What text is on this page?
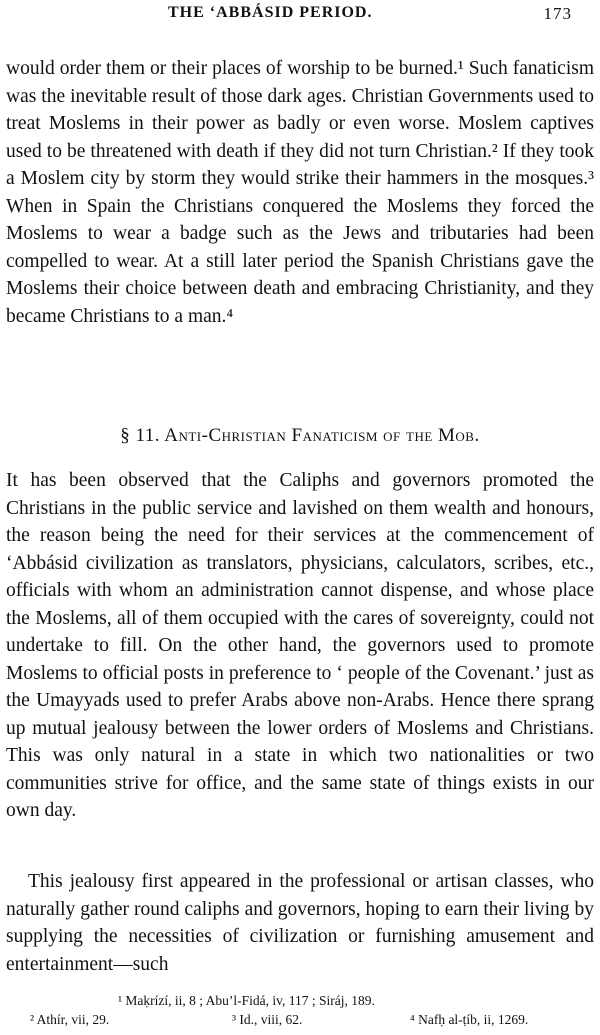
THE ‘ABBÁSID PERIOD.	173
would order them or their places of worship to be burned.¹ Such fanaticism was the inevitable result of those dark ages. Christian Governments used to treat Moslems in their power as badly or even worse. Moslem captives used to be threatened with death if they did not turn Christian.² If they took a Moslem city by storm they would strike their hammers in the mosques.³ When in Spain the Christians conquered the Moslems they forced the Moslems to wear a badge such as the Jews and tributaries had been compelled to wear. At a still later period the Spanish Christians gave the Moslems their choice between death and embracing Christianity, and they became Christians to a man.⁴
§ 11. Anti-Christian Fanaticism of the Mob.
It has been observed that the Caliphs and governors promoted the Christians in the public service and lavished on them wealth and honours, the reason being the need for their services at the commencement of ‘Abbásid civilization as translators, physicians, calculators, scribes, etc., officials with whom an administration cannot dispense, and whose place the Moslems, all of them occupied with the cares of sovereignty, could not undertake to fill. On the other hand, the governors used to promote Moslems to official posts in preference to ‘ people of the Covenant.’ just as the Umayyads used to prefer Arabs above non-Arabs. Hence there sprang up mutual jealousy between the lower orders of Moslems and Christians. This was only natural in a state in which two nationalities or two communities strive for office, and the same state of things exists in our own day.
This jealousy first appeared in the professional or artisan classes, who naturally gather round caliphs and governors, hoping to earn their living by supplying the necessities of civilization or furnishing amusement and entertainment—such
¹ Maḳrízí, ii, 8 ; Abu’l-Fidá, iv, 117 ; Siráj, 189.
² Athír, vii, 29.	³ Id., viii, 62.	⁴ Nafḥ al-ṭíb, ii, 1269.
